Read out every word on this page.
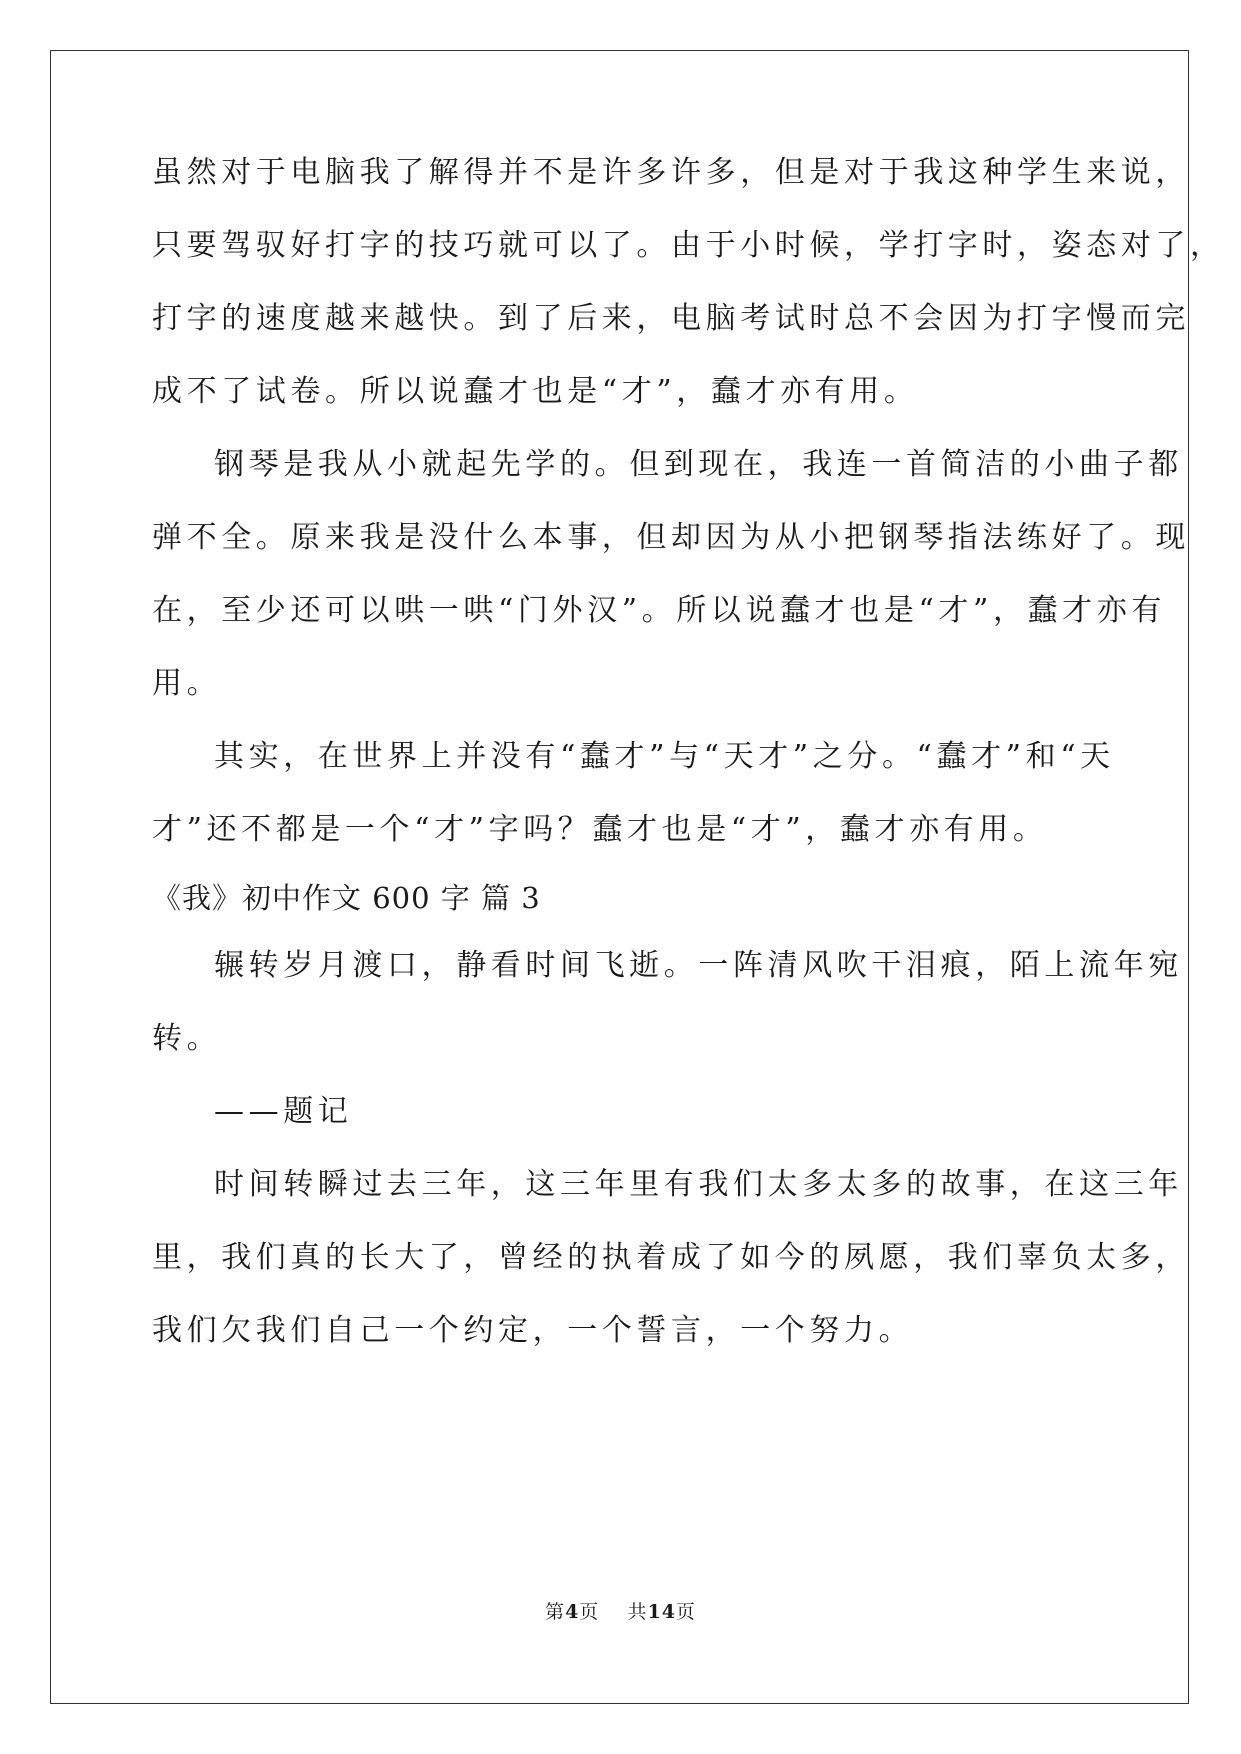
虽然对于电脑我了解得并不是许多许多，但是对于我这种学生来说，
只要驾驭好打字的技巧就可以了。由于小时候，学打字时，姿态对了，
打字的速度越来越快。到了后来，电脑考试时总不会因为打字慢而完
成不了试卷。所以说蠢才也是“才”，蠢才亦有用。
钢琴是我从小就起先学的。但到现在，我连一首简洁的小曲子都
弹不全。原来我是没什么本事，但却因为从小把钢琴指法练好了。现
在，至少还可以哄一哄“门外汉”。所以说蠢才也是“才”，蠢才亦有
用。
其实，在世界上并没有“蠢才”与“天才”之分。“蠢才”和“天
才”还不都是一个“才”字吗？蠢才也是“才”，蠢才亦有用。
《我》初中作文 600 字 篇 3
辗转岁月渡口，静看时间飞逝。一阵清风吹干泪痕，陌上流年宛
转。
——题记
时间转瞬过去三年，这三年里有我们太多太多的故事，在这三年
里，我们真的长大了，曾经的执着成了如今的夙愿，我们辜负太多，
我们欠我们自己一个约定，一个誓言，一个努力。
第4页    共14页
